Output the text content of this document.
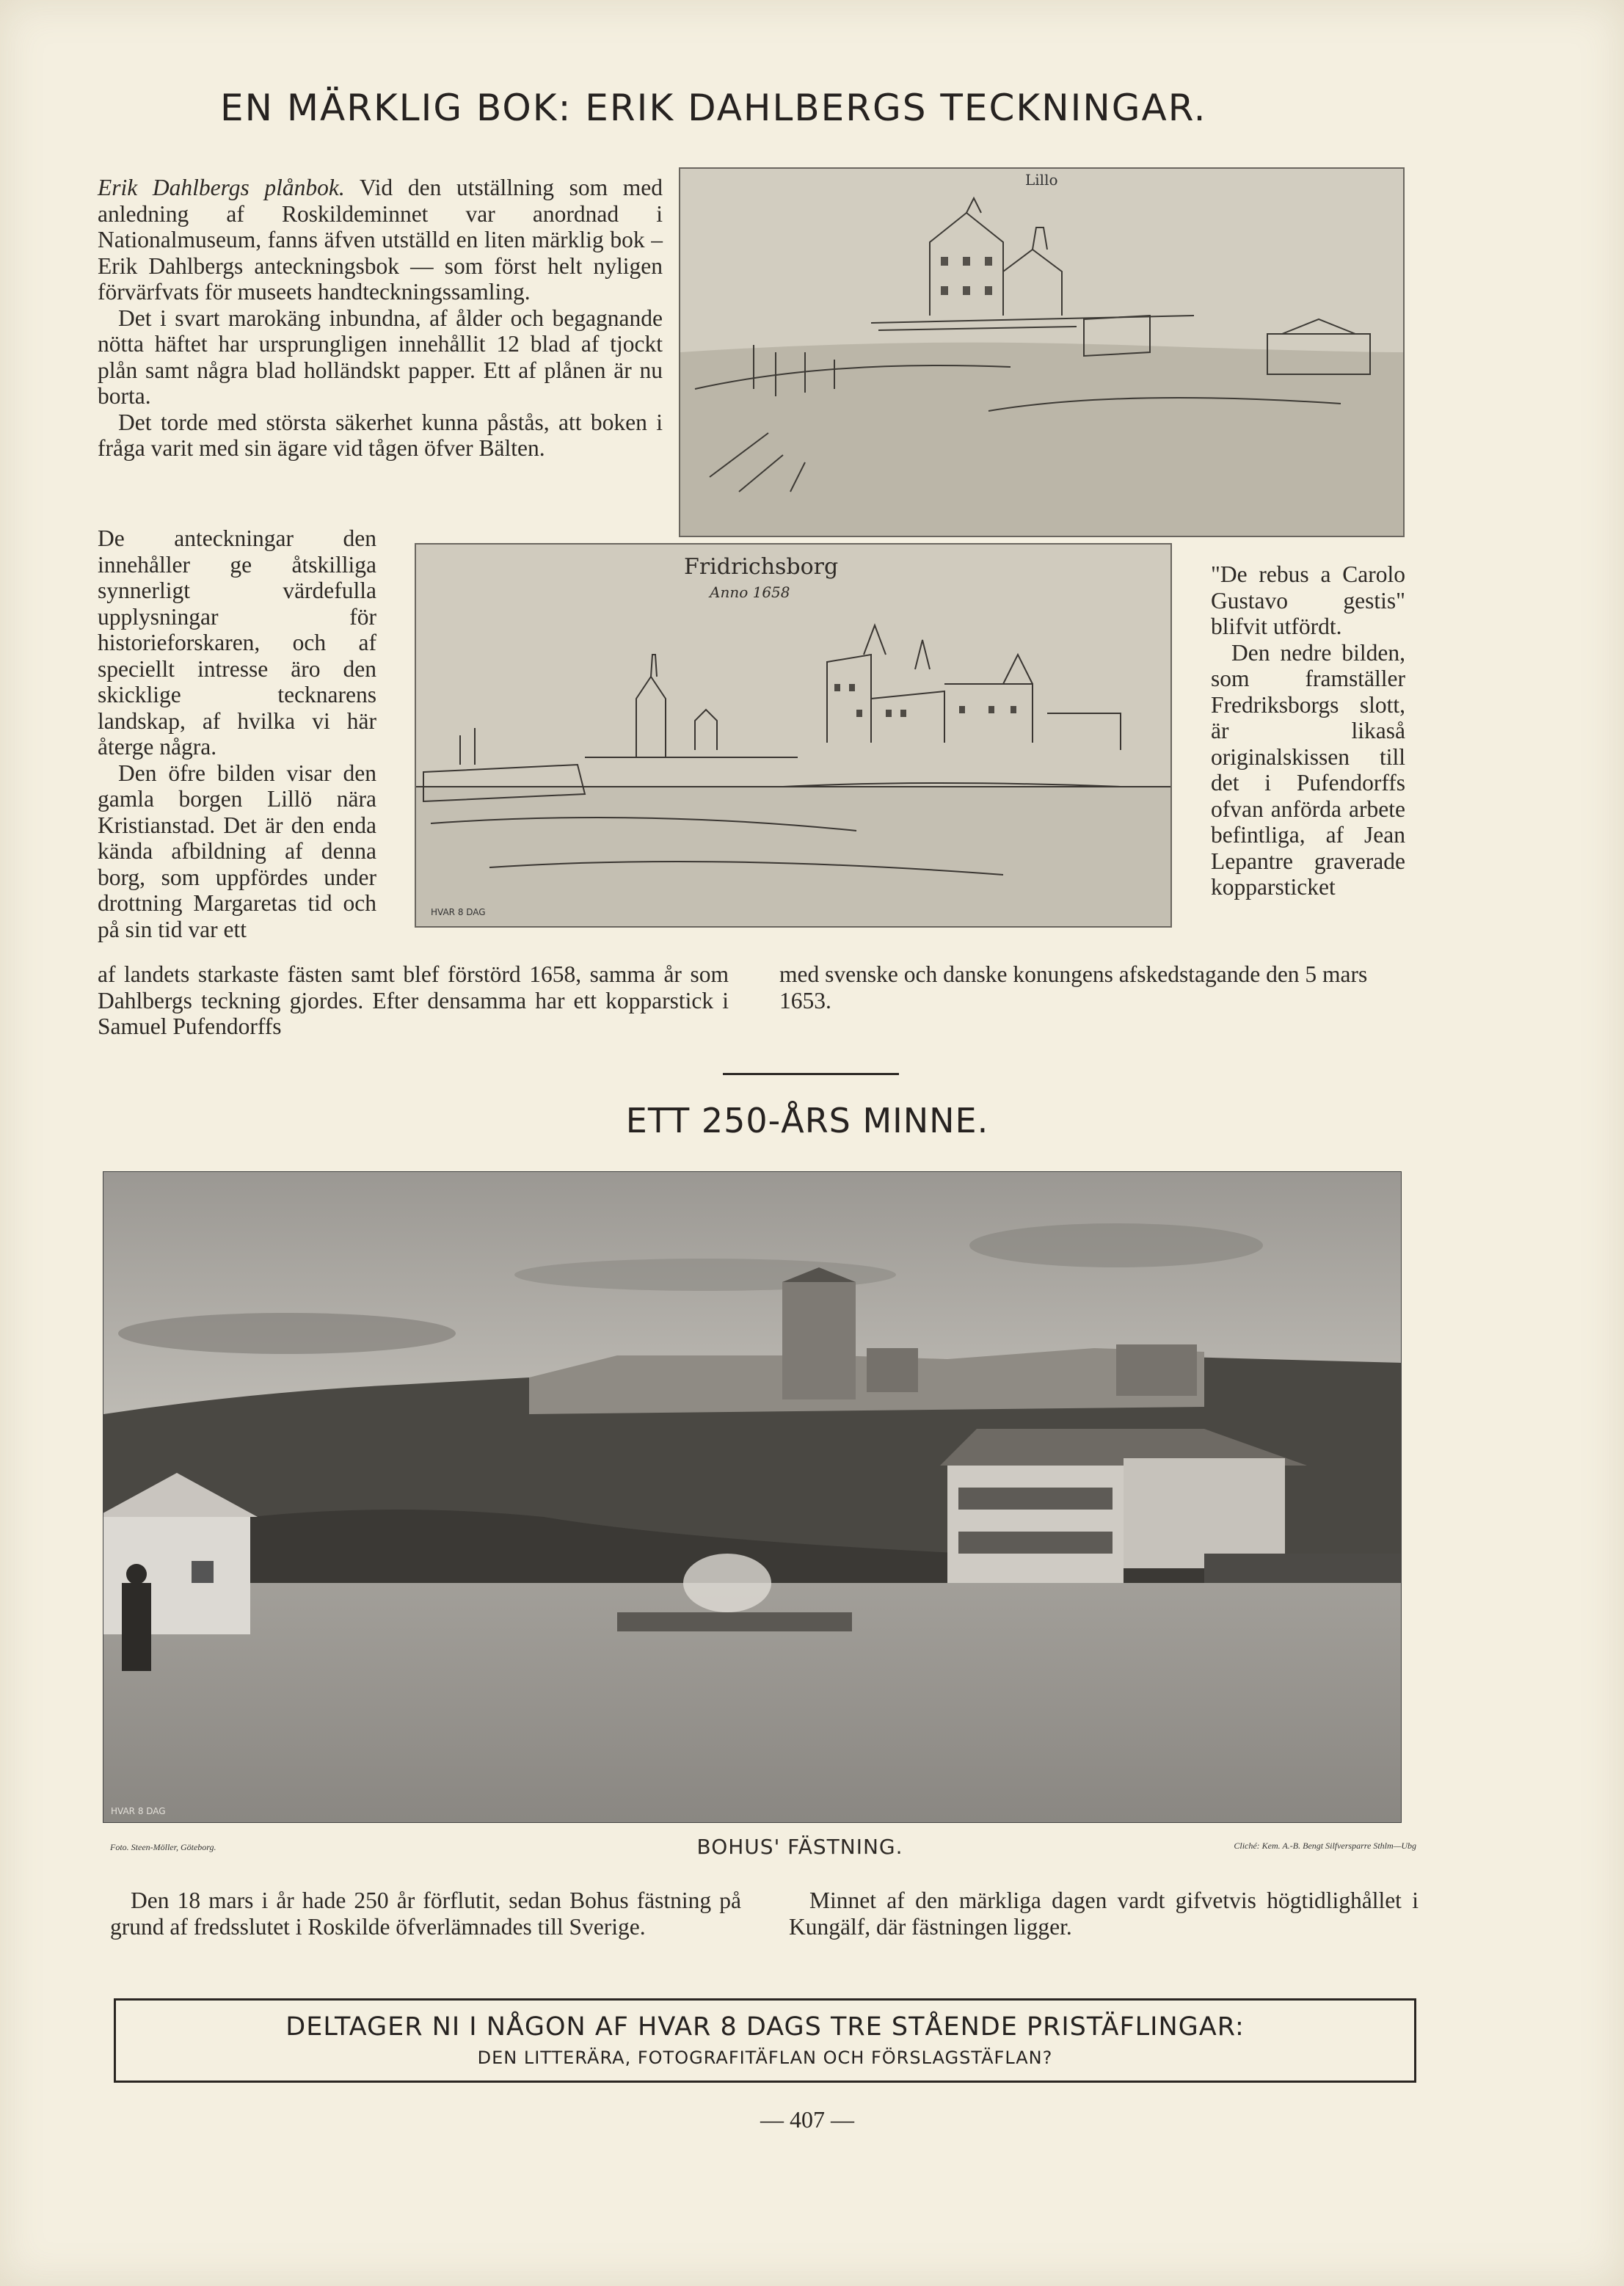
EN MÄRKLIG BOK: ERIK DAHLBERGS TECKNINGAR.

Erik Dahlbergs plånbok. Vid den utställning som med anledning af Roskildeminnet var anordnad i Nationalmuseum, fanns äfven utställd en liten märklig bok – Erik Dahlbergs anteckningsbok — som först helt nyligen förvärfvats för museets handteckningssamling.

Det i svart marokäng inbundna, af ålder och begagnande nötta häftet har ursprungligen innehållit 12 blad af tjockt plån samt några blad holländskt papper. Ett af plånen är nu borta.

Det torde med största säkerhet kunna påstås, att boken i fråga varit med sin ägare vid tågen öfver Bälten.

De anteckningar den innehåller ge åtskilliga synnerligt värdefulla upplysningar för historieforskaren, och af speciellt intresse äro den skicklige tecknarens landskap, af hvilka vi här återge några.

Den öfre bilden visar den gamla borgen Lillö nära Kristianstad. Det är den enda kända afbildning af denna borg, som uppfördes under drottning Margaretas tid och på sin tid var ett

af landets starkaste fästen samt blef förstörd 1658, samma år som Dahlbergs teckning gjordes. Efter densamma har ett kopparstick i Samuel Pufendorffs

"De rebus a Carolo Gustavo gestis" blifvit utfördt.

Den nedre bilden, som framställer Fredriksborgs slott, är likaså originalskissen till det i Pufendorffs ofvan anförda arbete befintliga, af Jean Lepantre graverade kopparsticket

med svenske och danske konungens afskedstagande den 5 mars 1653.

Lillo
Fridrichsborg
Anno 1658
HVAR 8 DAG
ETT 250-ÅRS MINNE.
HVAR 8 DAG
Foto. Steen-Möller, Göteborg.	BOHUS' FÄSTNING.	Cliché: Kem. A.-B. Bengt Silfversparre Sthlm—Ubg

Den 18 mars i år hade 250 år förflutit, sedan Bohus fästning på grund af fredsslutet i Roskilde öfverlämnades till Sverige.

Minnet af den märkliga dagen vardt gifvetvis högtidlighållet i Kungälf, där fästningen ligger.

DELTAGER NI I NÅGON AF HVAR 8 DAGS TRE STÅENDE PRISTÄFLINGAR:
DEN LITTERÄRA, FOTOGRAFITÄFLAN OCH FÖRSLAGSTÄFLAN?
— 407 —
